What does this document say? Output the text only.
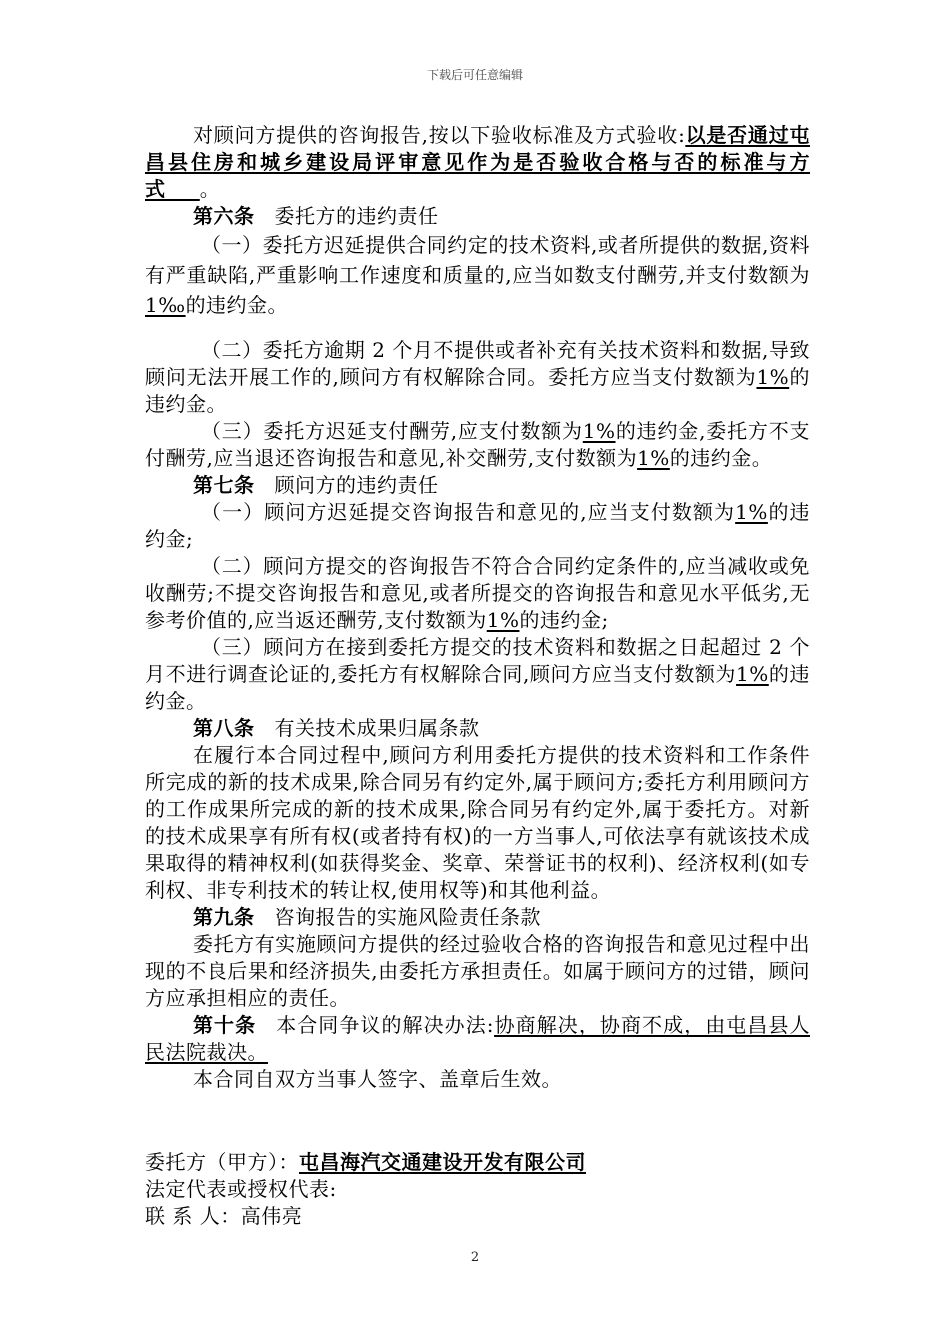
下载后可任意编辑

对顾问方提供的咨询报告,按以下验收标准及方式验收:以是否通过屯昌县住房和城乡建设局评审意见作为是否验收合格与否的标准与方式 。

第六条 委托方的违约责任

（一）委托方迟延提供合同约定的技术资料,或者所提供的数据,资料有严重缺陷,严重影响工作速度和质量的,应当如数支付酬劳,并支付数额为1‰的违约金。

（二）委托方逾期 2 个月不提供或者补充有关技术资料和数据,导致顾问无法开展工作的,顾问方有权解除合同。委托方应当支付数额为1%的违约金。

（三）委托方迟延支付酬劳,应支付数额为1%的违约金,委托方不支付酬劳,应当退还咨询报告和意见,补交酬劳,支付数额为1%的违约金。

第七条 顾问方的违约责任

（一）顾问方迟延提交咨询报告和意见的,应当支付数额为1%的违约金;

（二）顾问方提交的咨询报告不符合合同约定条件的,应当减收或免收酬劳;不提交咨询报告和意见,或者所提交的咨询报告和意见水平低劣,无参考价值的,应当返还酬劳,支付数额为1%的违约金;

（三）顾问方在接到委托方提交的技术资料和数据之日起超过 2 个月不进行调查论证的,委托方有权解除合同,顾问方应当支付数额为1%的违约金。

第八条 有关技术成果归属条款

在履行本合同过程中,顾问方利用委托方提供的技术资料和工作条件所完成的新的技术成果,除合同另有约定外,属于顾问方;委托方利用顾问方的工作成果所完成的新的技术成果,除合同另有约定外,属于委托方。对新的技术成果享有所有权(或者持有权)的一方当事人,可依法享有就该技术成果取得的精神权利(如获得奖金、奖章、荣誉证书的权利)、经济权利(如专利权、非专利技术的转让权,使用权等)和其他利益。

第九条 咨询报告的实施风险责任条款

委托方有实施顾问方提供的经过验收合格的咨询报告和意见过程中出现的不良后果和经济损失,由委托方承担责任。如属于顾问方的过错，顾问方应承担相应的责任。

第十条 本合同争议的解决办法:协商解决，协商不成，由屯昌县人民法院裁决。

本合同自双方当事人签字、盖章后生效。

委托方（甲方）：屯昌海汽交通建设开发有限公司

法定代表或授权代表:

联 系 人：高伟亮

2
